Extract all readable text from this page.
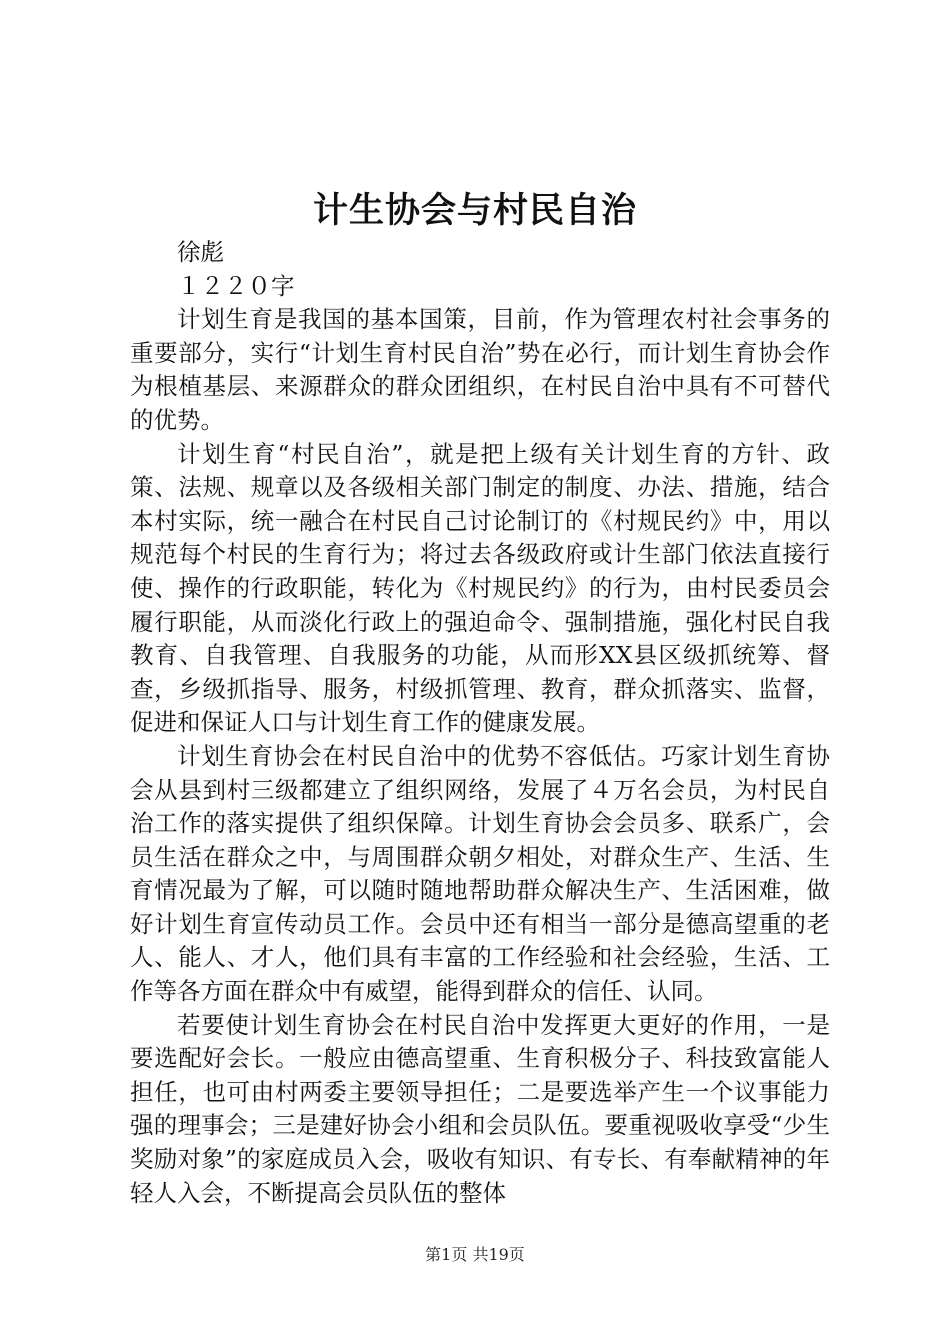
计生协会与村民自治

徐彪

１２２０字

计划生育是我国的基本国策，目前，作为管理农村社会事务的重要部分，实行“计划生育村民自治”势在必行，而计划生育协会作为根植基层、来源群众的群众团组织，在村民自治中具有不可替代的优势。

计划生育“村民自治”，就是把上级有关计划生育的方针、政策、法规、规章以及各级相关部门制定的制度、办法、措施，结合本村实际，统一融合在村民自己讨论制订的《村规民约》中，用以规范每个村民的生育行为；将过去各级政府或计生部门依法直接行使、操作的行政职能，转化为《村规民约》的行为，由村民委员会履行职能，从而淡化行政上的强迫命令、强制措施，强化村民自我教育、自我管理、自我服务的功能，从而形XX县区级抓统筹、督查，乡级抓指导、服务，村级抓管理、教育，群众抓落实、监督，促进和保证人口与计划生育工作的健康发展。

计划生育协会在村民自治中的优势不容低估。巧家计划生育协会从县到村三级都建立了组织网络，发展了４万名会员，为村民自治工作的落实提供了组织保障。计划生育协会会员多、联系广，会员生活在群众之中，与周围群众朝夕相处，对群众生产、生活、生育情况最为了解，可以随时随地帮助群众解决生产、生活困难，做好计划生育宣传动员工作。会员中还有相当一部分是德高望重的老人、能人、才人，他们具有丰富的工作经验和社会经验，生活、工作等各方面在群众中有威望，能得到群众的信任、认同。

若要使计划生育协会在村民自治中发挥更大更好的作用，一是要选配好会长。一般应由德高望重、生育积极分子、科技致富能人担任，也可由村两委主要领导担任；二是要选举产生一个议事能力强的理事会；三是建好协会小组和会员队伍。要重视吸收享受“少生奖励对象”的家庭成员入会，吸收有知识、有专长、有奉献精神的年轻人入会，不断提高会员队伍的整体

第1页 共19页
